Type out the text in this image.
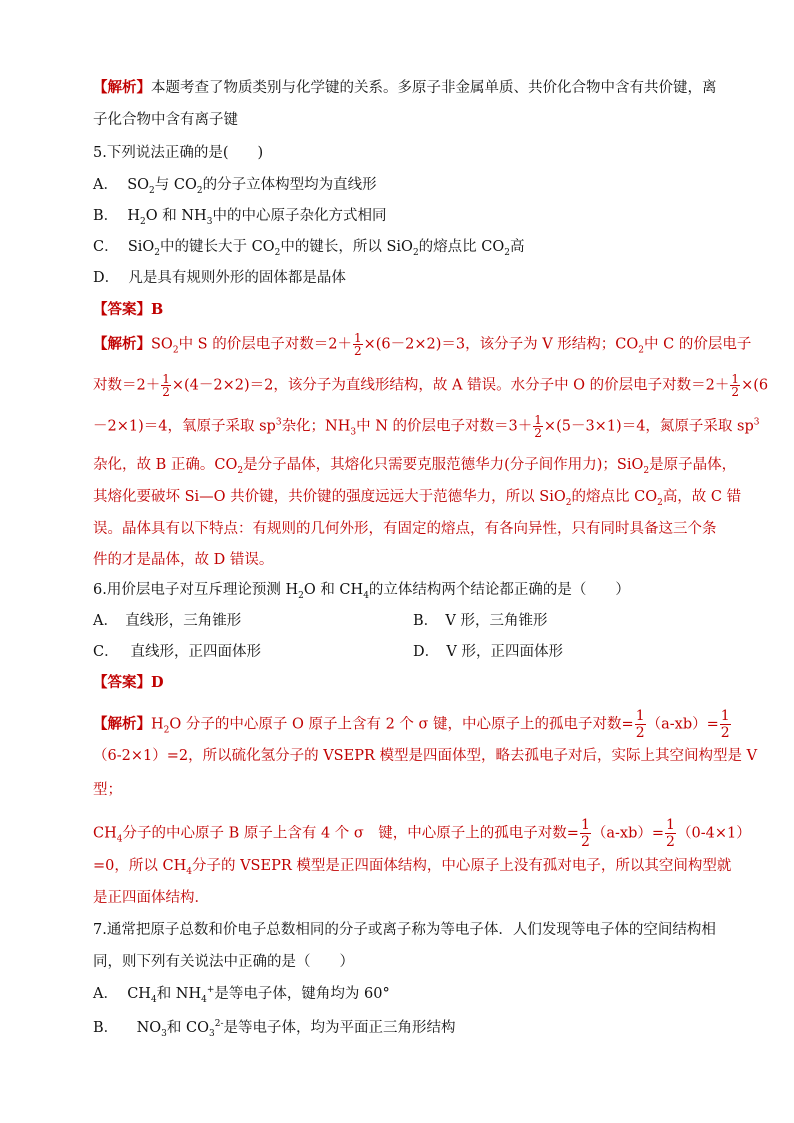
【解析】本题考查了物质类别与化学键的关系。多原子非金属单质、共价化合物中含有共价键，离
子化合物中含有离子键
5.下列说法正确的是(　　)
A． $SO_2$与 $CO_2$的分子立体构型均为直线形
B． $H_2O$ 和 $NH_3$中的中心原子杂化方式相同
C． SiO$_2$中的键长大于 $CO_2$中的键长，所以 SiO$_2$的熔点比 $CO_2$高
D． 凡是具有规则外形的固体都是晶体
【答案】B
【解析】$SO_2$中 S 的价层电子对数$=2+ \frac{1}{2} \times(6-2\times 2)=3$，该分子为 V 形结构；$CO_2$中 C 的价层电子
对数$=2+ \frac{1}{2} \times(4-2\times 2)=2$，该分子为直线形结构，故 A 错误。水分子中 O 的价层电子对数$=2+ \frac{1}{2} \times(6$
－2×1)＝4，氧原子采取 $sp^3$杂化；$NH_3$中 N 的价层电子对数$=3+ \frac{1}{2} \times(5-3\times 1)=4$，氮原子采取 $sp^3$
杂化，故 B 正确。$CO_2$是分子晶体，其熔化只需要克服范德华力(分子间作用力)；SiO$_2$是原子晶体，
其熔化要破坏 Si—O 共价键，共价键的强度远远大于范德华力，所以 SiO$_2$的熔点比 $CO_2$高，故 C 错
误。晶体具有以下特点：有规则的几何外形，有固定的熔点，有各向异性，只有同时具备这三个条
件的才是晶体，故 D 错误。
6.用价层电子对互斥理论预测 $H_2O$ 和 $CH_4$的立体结构两个结论都正确的是（　　）
A．　直线形，三角锥形	B．　V 形，三角锥形
C．　 直线形，正四面体形	D．　V 形，正四面体形
【答案】D
【解析】$H_2O$ 分子的中心原子 O 原子上含有 2 个 σ 键，中心原子上的孤电子对数= $\frac{1}{2} (a-xb)= \frac{1}{2}$
（6-2×1）=2，所以硫化氢分子的 VSEPR 模型是四面体型，略去孤电子对后，实际上其空间构型是 V
型；
$CH_4$分子的中心原子 B 原子上含有 4 个 σ　键，中心原子上的孤电子对数= $\frac{1}{2} (a-xb)= \frac{1}{2} (0-4\times 1)$
=0，所以 $CH_4$分子的 VSEPR 模型是正四面体结构，中心原子上没有孤对电子，所以其空间构型就
是正四面体结构．
7.通常把原子总数和价电子总数相同的分子或离子称为等电子体．人们发现等电子体的空间结构相
同，则下列有关说法中正确的是（　　）
A． $CH_4$和 $NH_4^+$是等电子体，键角均为 60°
B． $NO_3$和 $CO_3^{2-}$是等电子体，均为平面正三角形结构
